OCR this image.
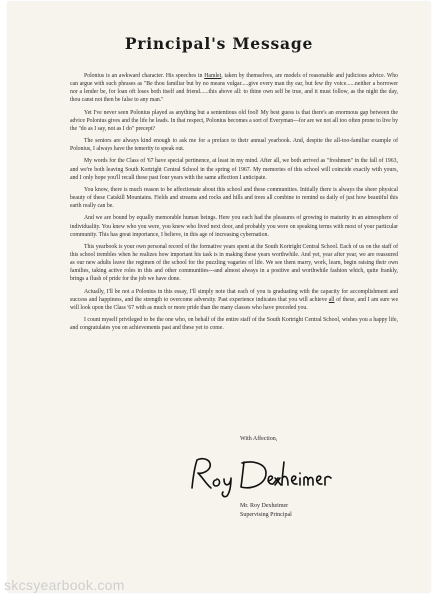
Principal's Message

Polonius is an awkward character. His speeches in Hamlet, taken by themselves, are models of reasonable and judicious advice. Who can argue with such phrases as "Be thou familiar but by no means vulgar.....give every man thy ear, but few thy voice......neither a borrower nor a lender be, for loan oft loses both itself and friend......this above all: to thine own self be true, and it must follow, as the night the day, thou canst not then be false to any man."

Yet I've never seen Polonius played as anything but a sententious old fool! My best guess is that there's an enormous gap between the advice Polonius gives and the life he leads. In that respect, Polonius becomes a sort of Everyman---for are we not all too often prone to live by the "do as I say, not as I do" precept?

The seniors are always kind enough to ask me for a preface to their annual yearbook. And, despite the all-too-familiar example of Polonius, I always have the temerity to speak out.

My words for the Class of '67 have special pertinence, at least in my mind. After all, we both arrived as "freshmen" in the fall of 1963, and we're both leaving South Kortright Central School in the spring of 1967. My memories of this school will coincide exactly with yours, and I only hope you'll recall these past four years with the same affection I anticipate.

You know, there is much reason to be affectionate about this school and these communities. Initially there is always the sheer physical beauty of these Catskill Mountains. Fields and streams and rocks and hills and trees all combine to remind us daily of just how beautiful this earth really can be.

And we are bound by equally memorable human beings. Here you each had the pleasures of growing to maturity in an atmosphere of individuality. You knew who you were, you knew who lived next door, and probably you were on speaking terms with most of your particular community. This has great importance, I believe, in this age of increasing cybernation.

This yearbook is your own personal record of the formative years spent at the South Kortright Central School. Each of us on the staff of this school trembles when he realizes how important his task is in making these years worthwhile. And yet, year after year, we are reassured as our new adults leave the regimen of the school for the puzzling vagaries of life. We see them marry, work, learn, begin raising their own families, taking active roles in this and other communities---and almost always in a positive and worthwhile fashion which, quite frankly, brings a flush of pride for the job we have done.

Actually, I'll be not a Polonius in this essay, I'll simply note that each of you is graduating with the capacity for accomplishment and success and happiness, and the strength to overcome adversity. Past experience indicates that you will achieve all of these, and I am sure we will look upon the Class '67 with as much or more pride than the many classes who have preceded you.

I count myself privileged to be the one who, on behalf of the entire staff of the South Kortright Central School, wishes you a happy life, and congratulates you on achievements past and these yet to come.

With Affection,
Mr. Roy Dexheimer
Supervising Principal
skcsyearbook.com
